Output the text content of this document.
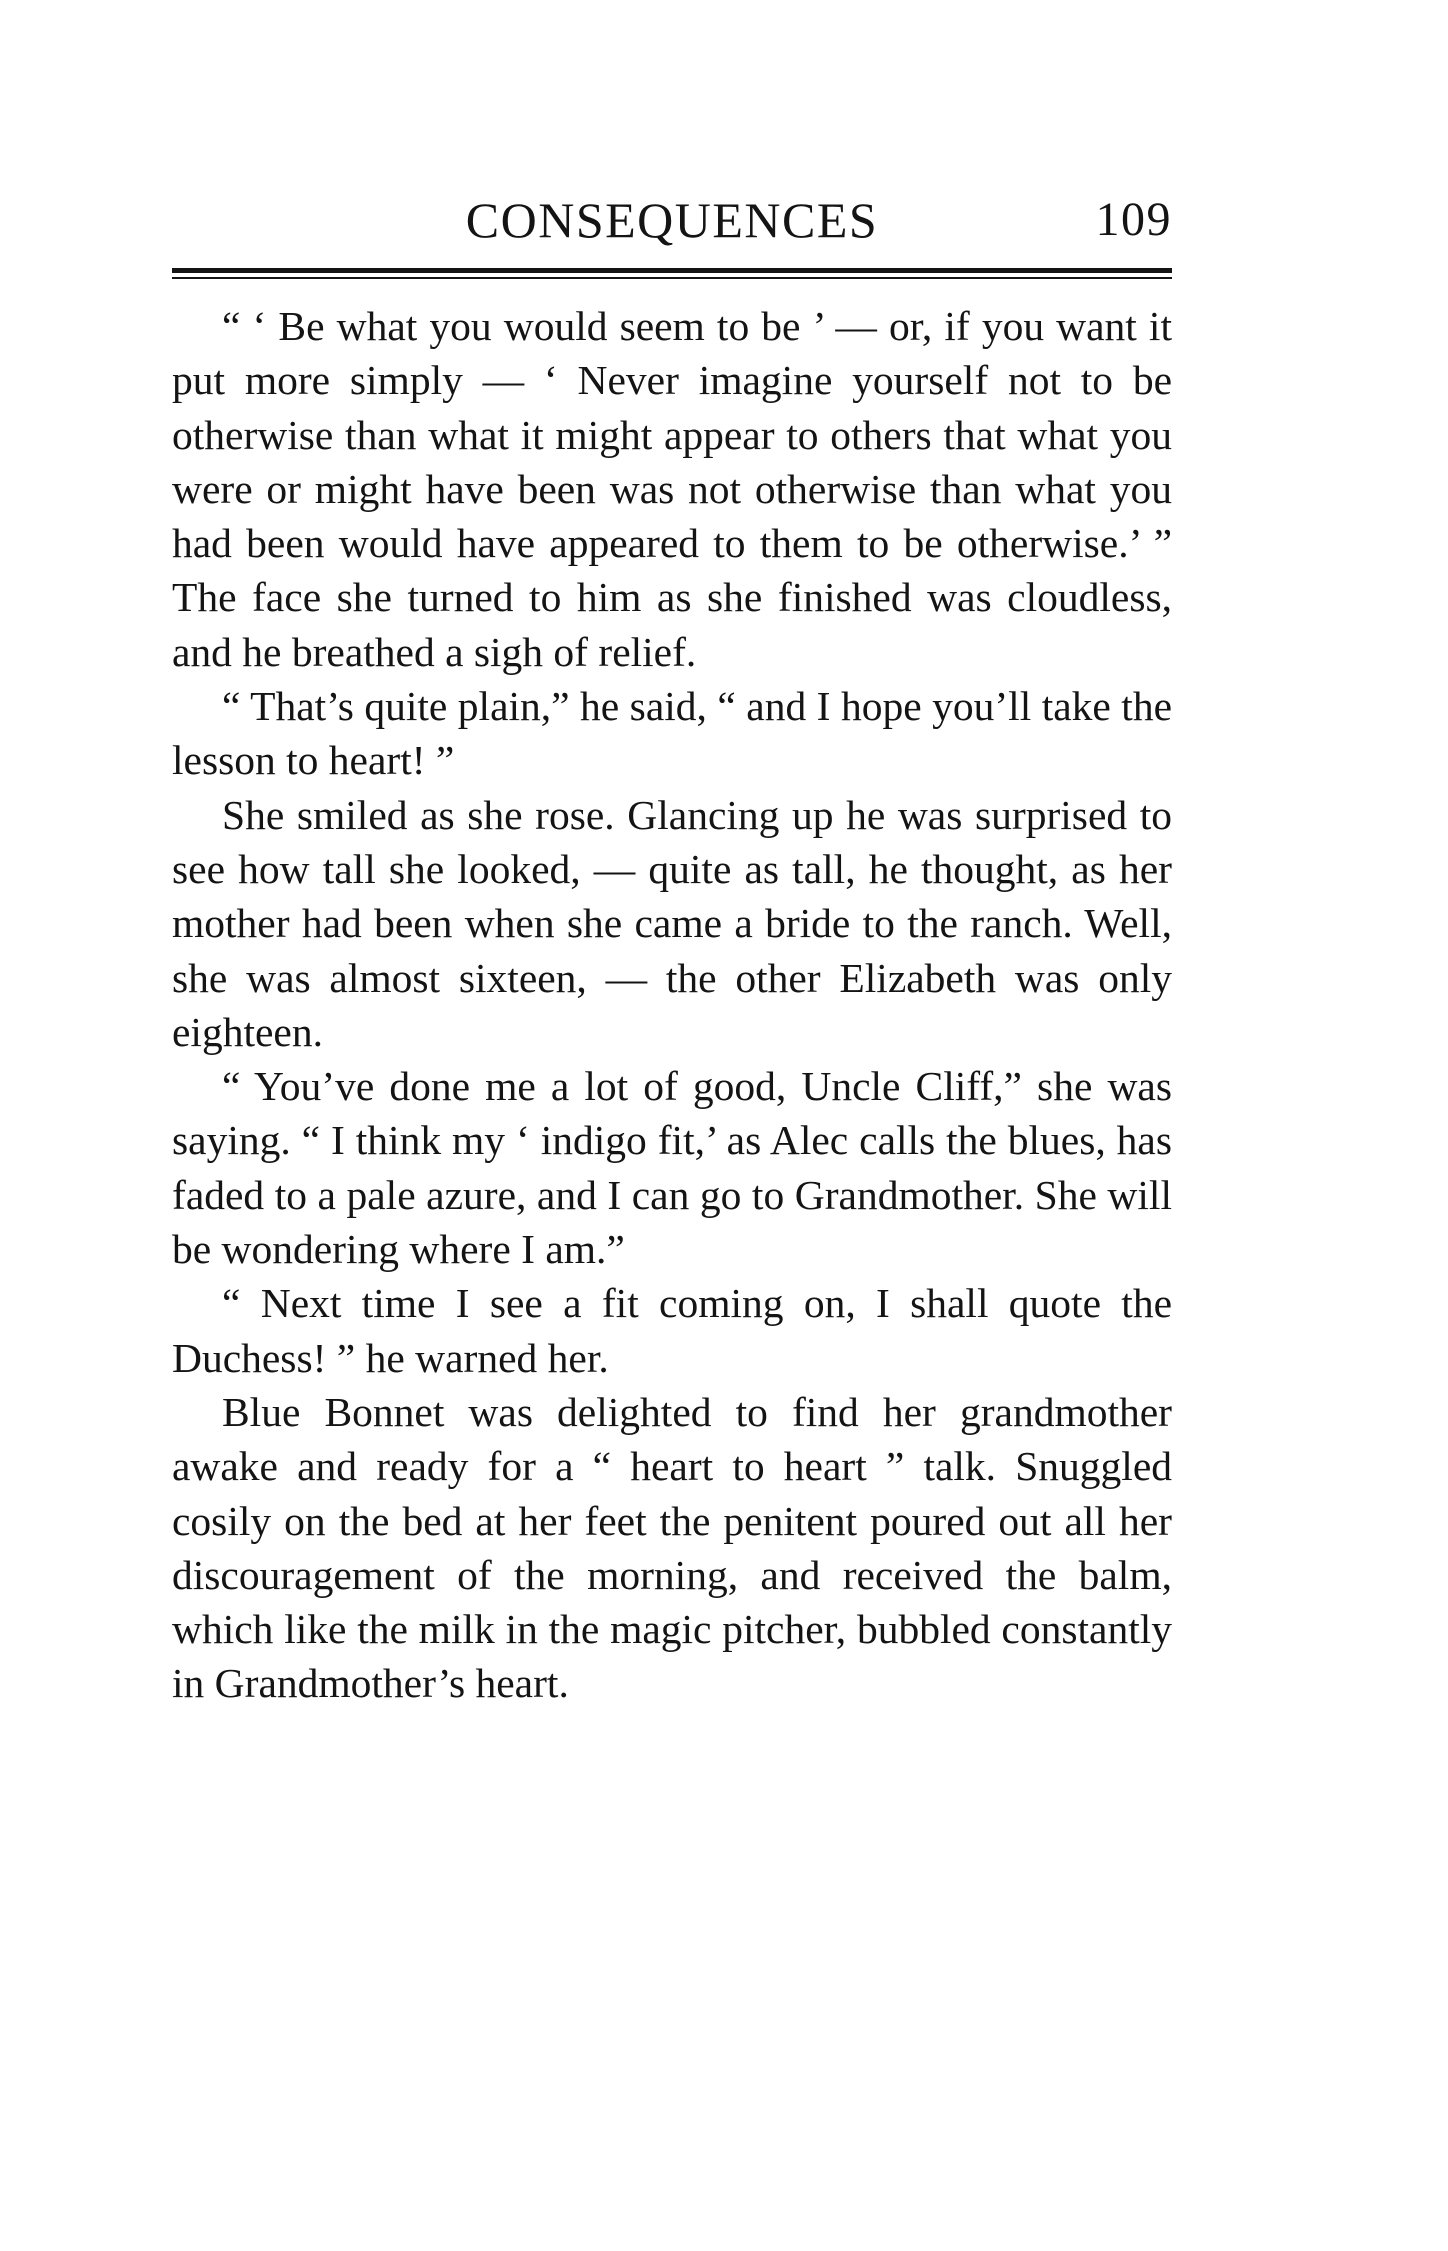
CONSEQUENCES	109

“ ‘ Be what you would seem to be ’ — or, if you want it put more simply — ‘ Never imagine yourself not to be otherwise than what it might appear to others that what you were or might have been was not otherwise than what you had been would have appeared to them to be otherwise.’ ” The face she turned to him as she finished was cloudless, and he breathed a sigh of relief.

“ That’s quite plain,” he said, “ and I hope you’ll take the lesson to heart! ”

She smiled as she rose. Glancing up he was surprised to see how tall she looked, — quite as tall, he thought, as her mother had been when she came a bride to the ranch. Well, she was almost sixteen, — the other Elizabeth was only eighteen.

“ You’ve done me a lot of good, Uncle Cliff,” she was saying. “ I think my ‘ indigo fit,’ as Alec calls the blues, has faded to a pale azure, and I can go to Grandmother. She will be wondering where I am.”

“ Next time I see a fit coming on, I shall quote the Duchess! ” he warned her.

Blue Bonnet was delighted to find her grandmother awake and ready for a “ heart to heart ” talk. Snuggled cosily on the bed at her feet the penitent poured out all her discouragement of the morning, and received the balm, which like the milk in the magic pitcher, bubbled constantly in Grandmother’s heart.
